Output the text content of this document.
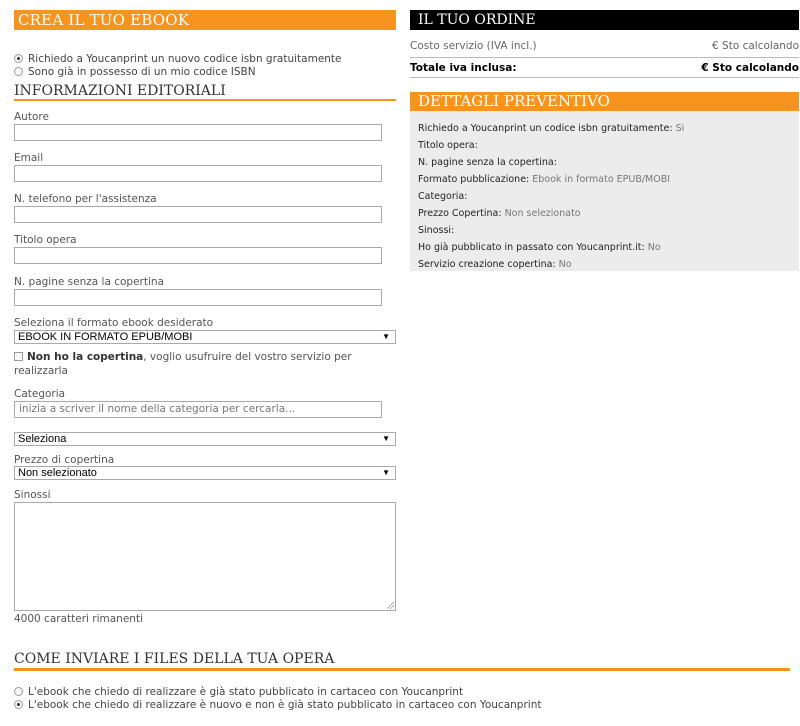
CREA IL TUO EBOOK
Richiedo a Youcanprint un nuovo codice isbn gratuitamente
Sono già in possesso di un mio codice ISBN
INFORMAZIONI EDITORIALI
Autore
Email
N. telefono per l'assistenza
Titolo opera
N. pagine senza la copertina
Seleziona il formato ebook desiderato
EBOOK IN FORMATO EPUB/MOBI	▼
Non ho la copertina, voglio usufruire del vostro servizio per realizzarla
Categoria
inizia a scriver il nome della categoria per cercarla...
Seleziona	▼
Prezzo di copertina
Non selezionato	▼
Sinossi
4000 caratteri rimanenti
IL TUO ORDINE
Costo servizio (IVA incl.)	€ Sto calcolando
Totale iva inclusa:	€ Sto calcolando
DETTAGLI PREVENTIVO
Richiedo a Youcanprint un codice isbn gratuitamente: Si
Titolo opera:
N. pagine senza la copertina:
Formato pubblicazione: Ebook in formato EPUB/MOBI
Categoria:
Prezzo Copertina: Non selezionato
Sinossi:
Ho già pubblicato in passato con Youcanprint.it: No
Servizio creazione copertina: No
COME INVIARE I FILES DELLA TUA OPERA
L'ebook che chiedo di realizzare è già stato pubblicato in cartaceo con Youcanprint
L'ebook che chiedo di realizzare è nuovo e non è già stato pubblicato in cartaceo con Youcanprint
